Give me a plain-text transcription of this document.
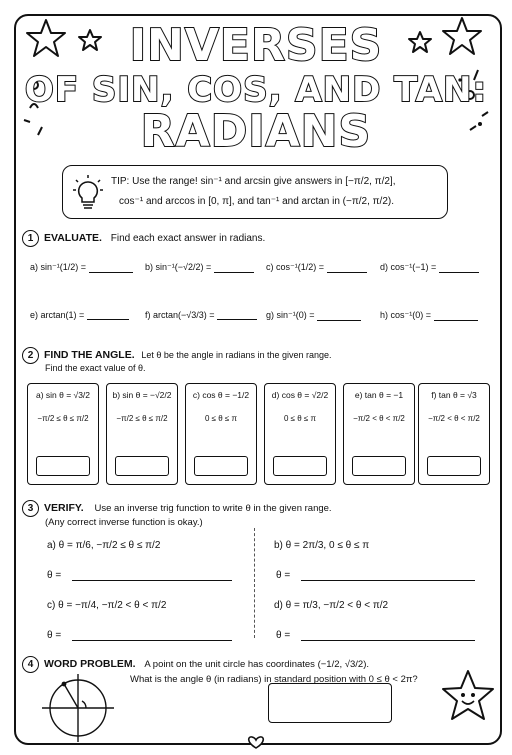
INVERSES
OF SIN, COS, AND TAN:
RADIANS
TIP: Use the range! sin⁻¹ and arcsin give answers in [−π/2, π/2],
cos⁻¹ and arccos in [0, π], and tan⁻¹ and arctan in (−π/2, π/2).
1 EVALUATE. Find each exact answer in radians.
a) sin⁻¹(1/2) =	b) sin⁻¹(−√2/2) =	c) cos⁻¹(1/2) =	d) cos⁻¹(−1) =
e) arctan(1) =	f) arctan(−√3/3) =	g) sin⁻¹(0) =	h) cos⁻¹(0) =
2 FIND THE ANGLE. Let θ be the angle in radians in the given range.
Find the exact value of θ.
a) sin θ = √3/2
−π/2 ≤ θ ≤ π/2
b) sin θ = −√2/2
−π/2 ≤ θ ≤ π/2
c) cos θ = −1/2
0 ≤ θ ≤ π
d) cos θ = √2/2
0 ≤ θ ≤ π
e) tan θ = −1
−π/2 < θ < π/2
f) tan θ = √3
−π/2 < θ < π/2
3 VERIFY. Use an inverse trig function to write θ in the given range.
(Any correct inverse function is okay.)
a) θ = π/6, −π/2 ≤ θ ≤ π/2
θ =
b) θ = 2π/3, 0 ≤ θ ≤ π
θ =
c) θ = −π/4, −π/2 < θ < π/2
θ =
d) θ = π/3, −π/2 < θ < π/2
θ =
4 WORD PROBLEM. A point on the unit circle has coordinates (−1/2, √3/2).
What is the angle θ (in radians) in standard position with 0 ≤ θ < 2π?
